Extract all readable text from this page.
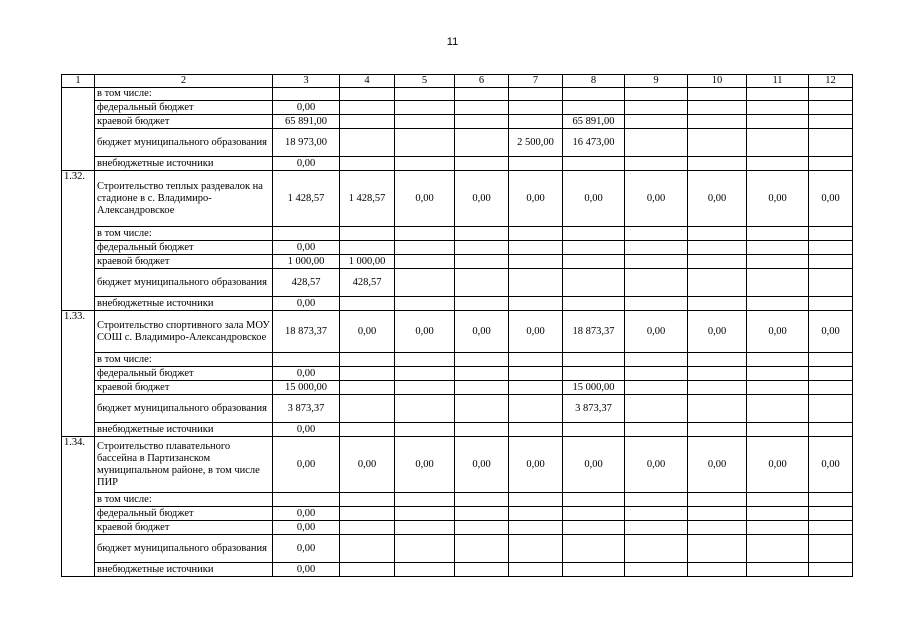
11
1	2	3	4	5	6	7	8	9	10	11	12
	в том числе:										
	федеральный бюджет	0,00									
	краевой бюджет	65 891,00					65 891,00				
	бюджет муниципального образования	18 973,00				2 500,00	16 473,00				
	внебюджетные источники	0,00									
1.32.	Строительство теплых раздевалок на стадионе в с. Владимиро-Александровское	1 428,57	1 428,57	0,00	0,00	0,00	0,00	0,00	0,00	0,00	0,00
	в том числе:										
	федеральный бюджет	0,00									
	краевой бюджет	1 000,00	1 000,00								
	бюджет муниципального образования	428,57	428,57								
	внебюджетные источники	0,00									
1.33.	Строительство спортивного зала МОУ СОШ с. Владимиро-Александровское	18 873,37	0,00	0,00	0,00	0,00	18 873,37	0,00	0,00	0,00	0,00
	в том числе:										
	федеральный бюджет	0,00									
	краевой бюджет	15 000,00					15 000,00				
	бюджет муниципального образования	3 873,37					3 873,37				
	внебюджетные источники	0,00									
1.34.	Строительство плавательного бассейна в Партизанском муниципальном районе, в том числе ПИР	0,00	0,00	0,00	0,00	0,00	0,00	0,00	0,00	0,00	0,00
	в том числе:										
	федеральный бюджет	0,00									
	краевой бюджет	0,00									
	бюджет муниципального образования	0,00									
	внебюджетные источники	0,00									
